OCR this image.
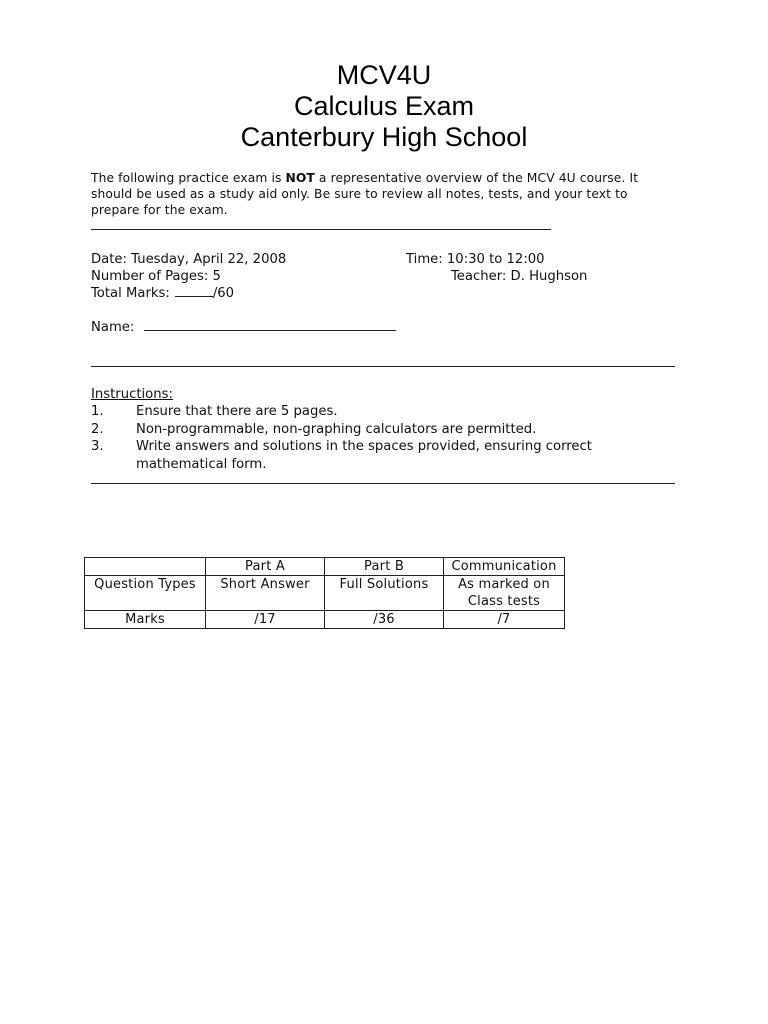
MCV4U
Calculus Exam
Canterbury High School
The following practice exam is NOT a representative overview of the MCV 4U course. It should be used as a study aid only. Be sure to review all notes, tests, and your text to prepare for the exam.
Date: Tuesday, April 22, 2008	Time: 10:30 to 12:00
Number of Pages: 5	Teacher: D. Hughson
Total Marks:	/60
Name:
Instructions:
1.	Ensure that there are 5 pages.
2.	Non-programmable, non-graphing calculators are permitted.
3.	Write answers and solutions in the spaces provided, ensuring correct mathematical form.
	Part A	Part B	Communication
Question Types	Short Answer	Full Solutions	As marked on Class tests
Marks	/17	/36	/7
